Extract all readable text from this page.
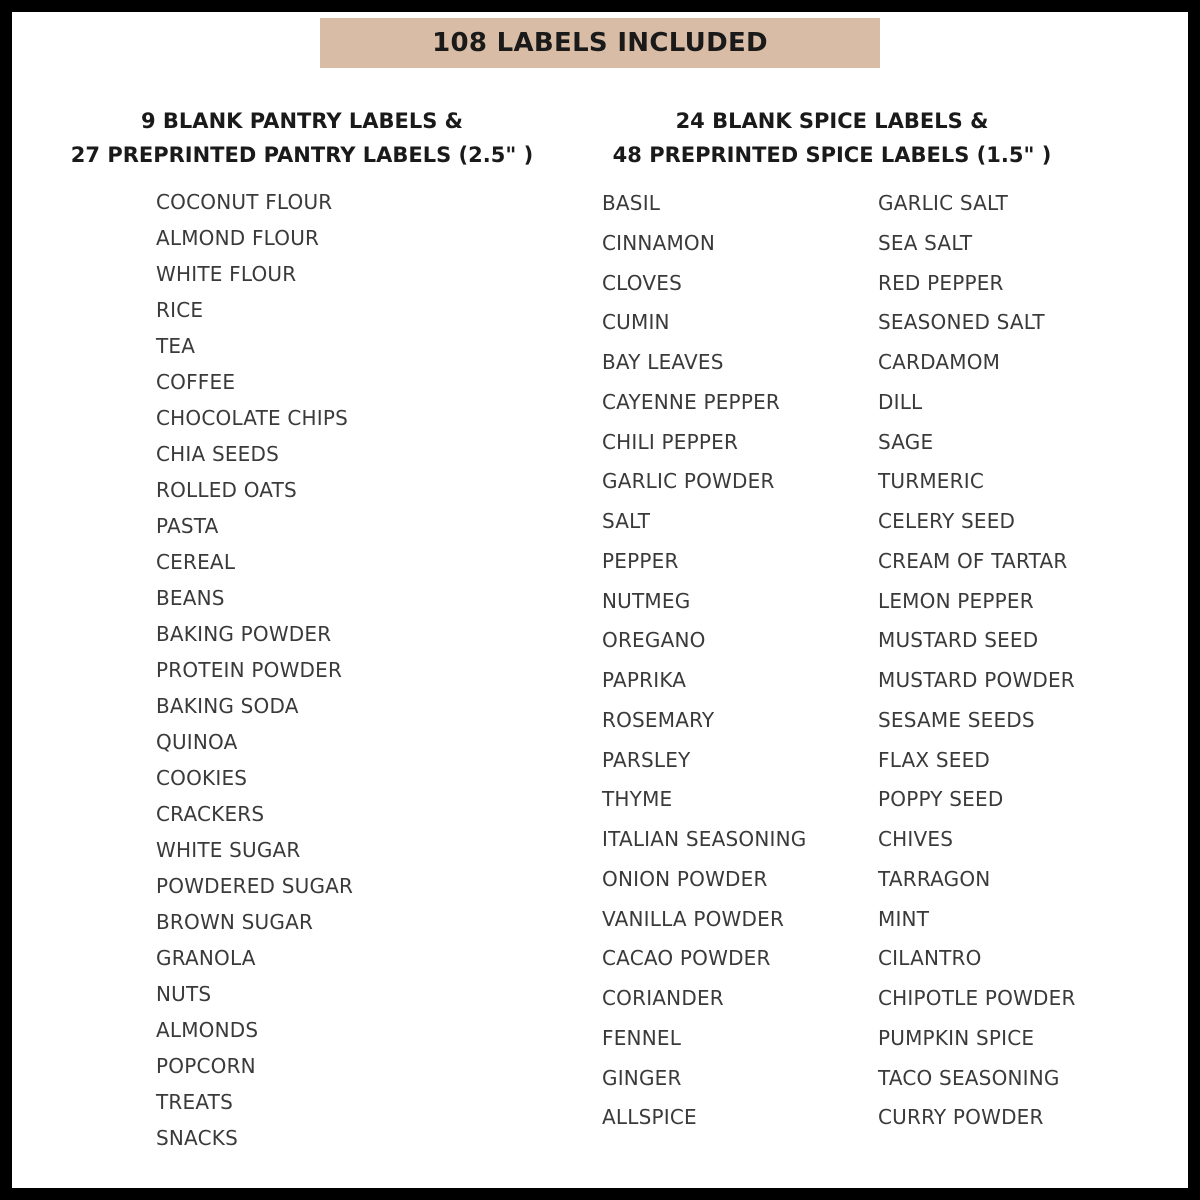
108 LABELS INCLUDED
9 BLANK PANTRY LABELS &
27 PREPRINTED PANTRY LABELS (2.5" )
24 BLANK SPICE LABELS &
48 PREPRINTED SPICE LABELS (1.5" )
COCONUT FLOUR
ALMOND FLOUR
WHITE FLOUR
RICE
TEA
COFFEE
CHOCOLATE CHIPS
CHIA SEEDS
ROLLED OATS
PASTA
CEREAL
BEANS
BAKING POWDER
PROTEIN POWDER
BAKING SODA
QUINOA
COOKIES
CRACKERS
WHITE SUGAR
POWDERED SUGAR
BROWN SUGAR
GRANOLA
NUTS
ALMONDS
POPCORN
TREATS
SNACKS
BASIL
CINNAMON
CLOVES
CUMIN
BAY LEAVES
CAYENNE PEPPER
CHILI PEPPER
GARLIC POWDER
SALT
PEPPER
NUTMEG
OREGANO
PAPRIKA
ROSEMARY
PARSLEY
THYME
ITALIAN SEASONING
ONION POWDER
VANILLA POWDER
CACAO POWDER
CORIANDER
FENNEL
GINGER
ALLSPICE
GARLIC SALT
SEA SALT
RED PEPPER
SEASONED SALT
CARDAMOM
DILL
SAGE
TURMERIC
CELERY SEED
CREAM OF TARTAR
LEMON PEPPER
MUSTARD SEED
MUSTARD POWDER
SESAME SEEDS
FLAX SEED
POPPY SEED
CHIVES
TARRAGON
MINT
CILANTRO
CHIPOTLE POWDER
PUMPKIN SPICE
TACO SEASONING
CURRY POWDER
